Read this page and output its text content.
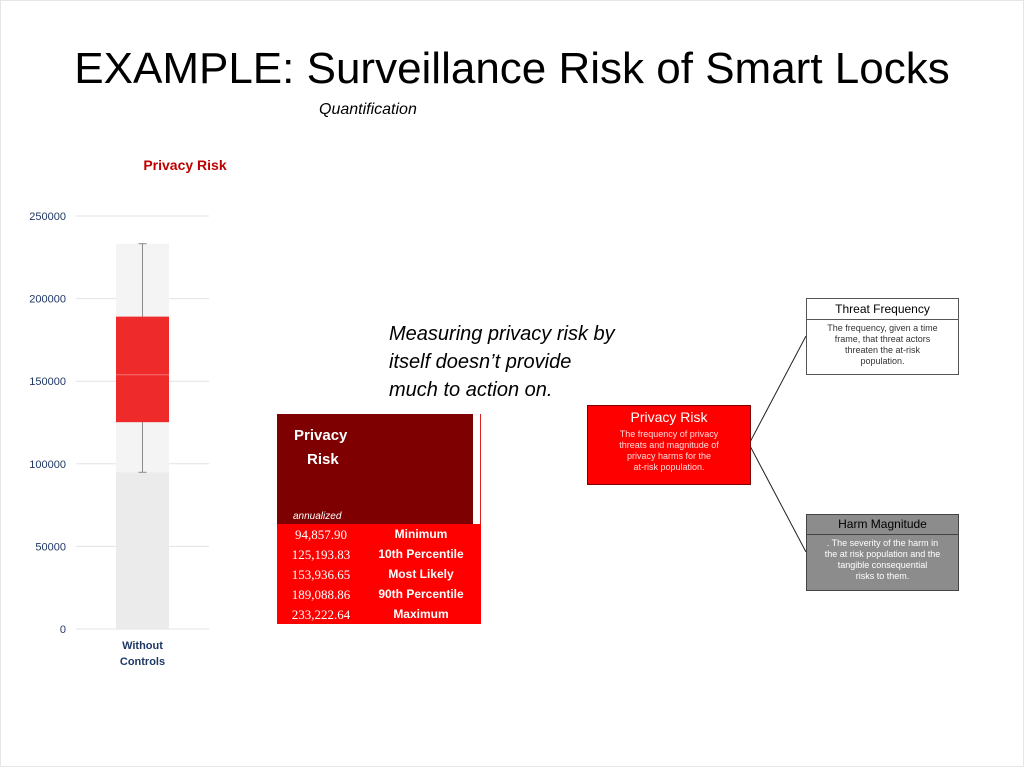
EXAMPLE: Surveillance Risk of Smart Locks
Quantification
Privacy Risk
0
50000
100000
150000
200000
250000
Without
Controls
Measuring privacy risk by
itself doesn’t provide
much to action on.
Privacy
Risk
annualized
94,857.90	Minimum
125,193.83	10th Percentile
153,936.65	Most Likely
189,088.86	90th Percentile
233,222.64	Maximum
Privacy Risk
The frequency of privacy
threats and magnitude of
privacy harms for the
at-risk population.
Threat Frequency
The frequency, given a time
frame, that threat actors
threaten the at-risk
population.
Harm Magnitude
. The severity of the harm in
the at risk population and the
tangible consequential
risks to them.
